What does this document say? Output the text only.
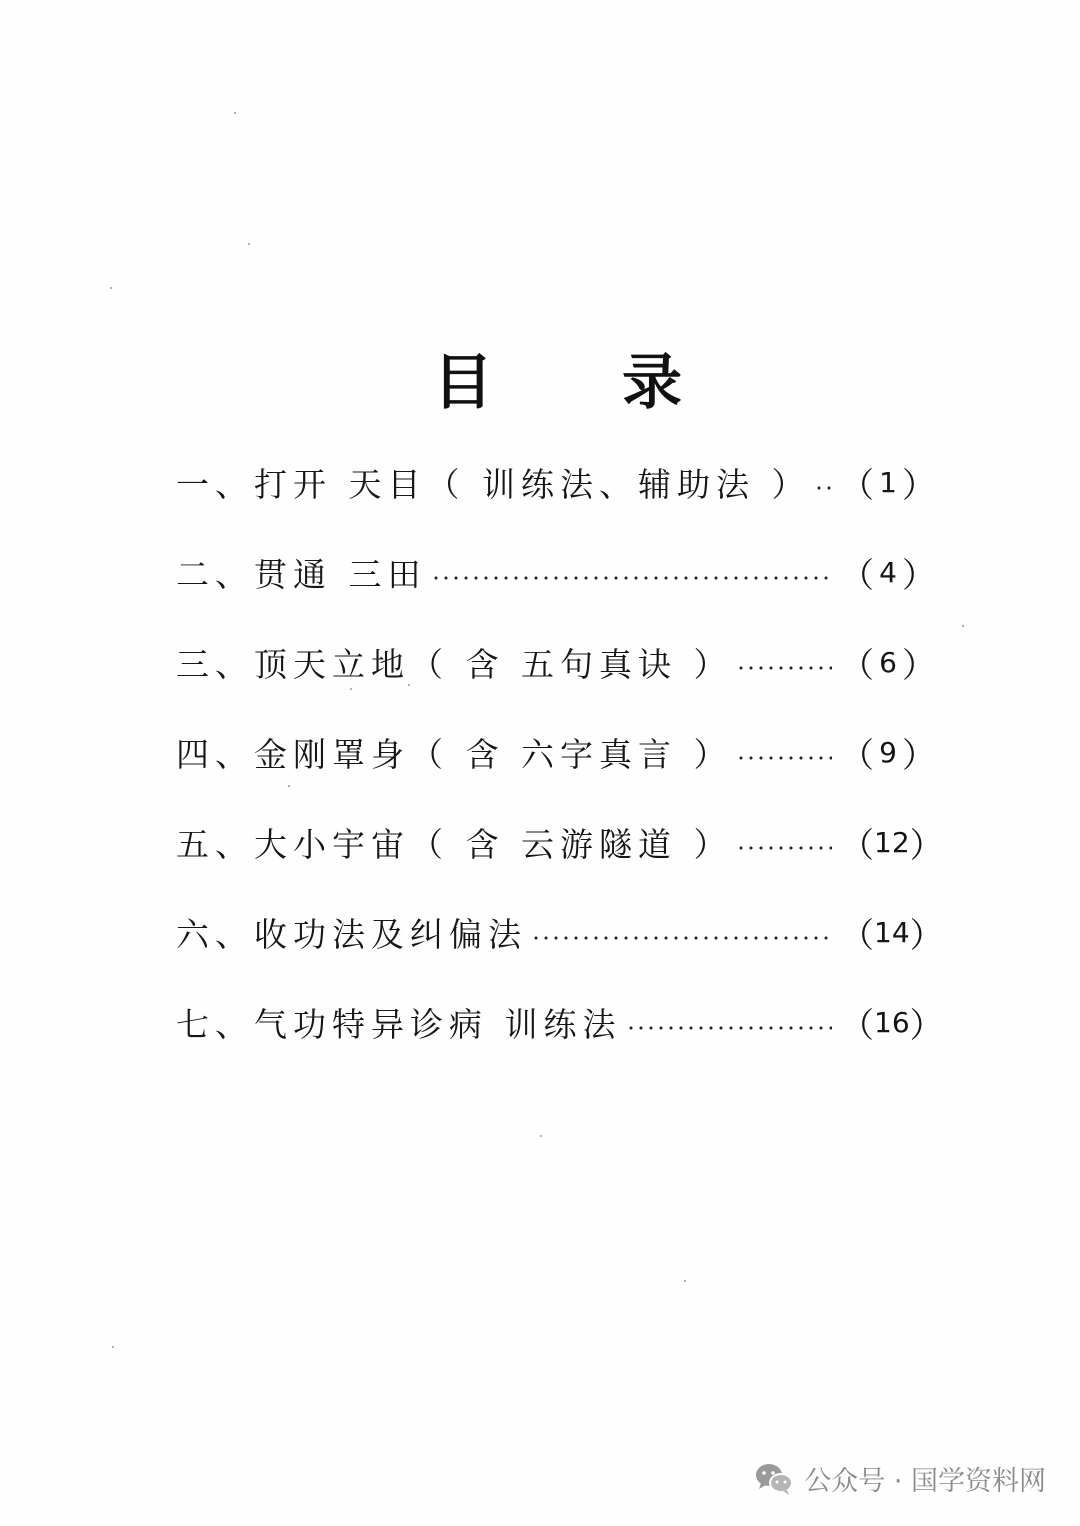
目 录
一、打开 天目（ 训练法、辅助法 ） （ 1 ）
二、贯通 三田	（ 4 ）
三、顶天立地（ 含 五句真诀 ）	（ 6 ）
四、金刚罩身（ 含 六字真言 ）	（ 9 ）
五、大小宇宙（ 含 云游隧道 ）	（ 12 ）
六、收功法及纠偏法	（ 14 ）
七、气功特异诊病 训练法	（ 16 ）
公众号 · 国学资料网
